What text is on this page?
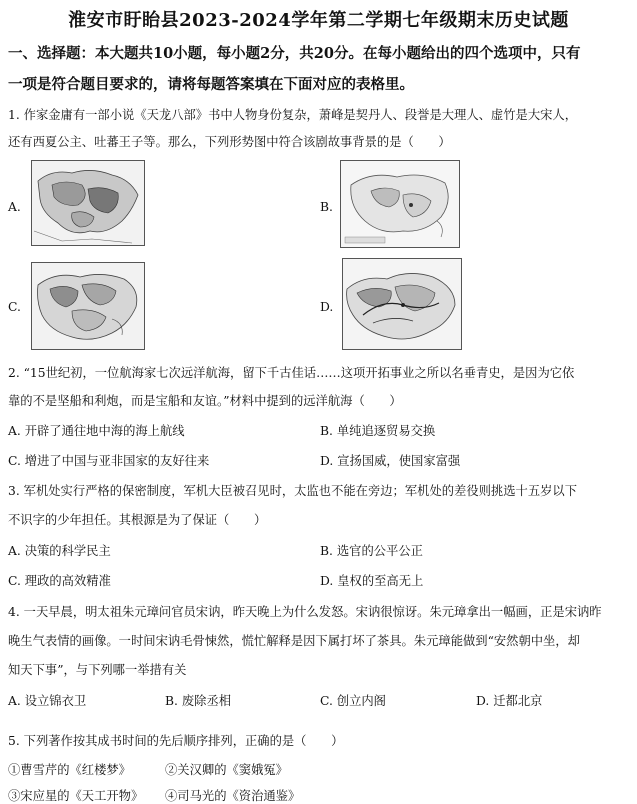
淮安市盱眙县2023-2024学年第二学期七年级期末历史试题
一、选择题：本大题共10小题，每小题2分，共20分。在每小题给出的四个选项中，只有
一项是符合题目要求的，请将每题答案填在下面对应的表格里。
1. 作家金庸有一部小说《天龙八部》书中人物身份复杂，萧峰是契丹人、段誉是大理人、虚竹是大宋人，
还有西夏公主、吐蕃王子等。那么，下列形势图中符合该剧故事背景的是（　　）
A.	B.
C.	D.
2. “15世纪初，一位航海家七次远洋航海，留下千古佳话……这项开拓事业之所以名垂青史，是因为它依
靠的不是坚船和利炮，而是宝船和友谊。”材料中提到的远洋航海（　　）
A. 开辟了通往地中海的海上航线	B. 单纯追逐贸易交换
C. 增进了中国与亚非国家的友好往来	D. 宣扬国威，使国家富强
3. 军机处实行严格的保密制度，军机大臣被召见时，太监也不能在旁边；军机处的差役则挑选十五岁以下
不识字的少年担任。其根源是为了保证（　　）
A. 决策的科学民主	B. 选官的公平公正
C. 理政的高效精准	D. 皇权的至高无上
4. 一天早晨，明太祖朱元璋问官员宋讷，昨天晚上为什么发怒。宋讷很惊讶。朱元璋拿出一幅画，正是宋讷昨
晚生气表情的画像。一时间宋讷毛骨悚然，慌忙解释是因下属打坏了茶具。朱元璋能做到“安然朝中坐，却
知天下事”，与下列哪一举措有关
A. 设立锦衣卫	B. 废除丞相	C. 创立内阁	D. 迁都北京
5. 下列著作按其成书时间的先后顺序排列，正确的是（　　）
①曹雪芹的《红楼梦》	②关汉卿的《窦娥冤》
③宋应星的《天工开物》 ④司马光的《资治通鉴》
